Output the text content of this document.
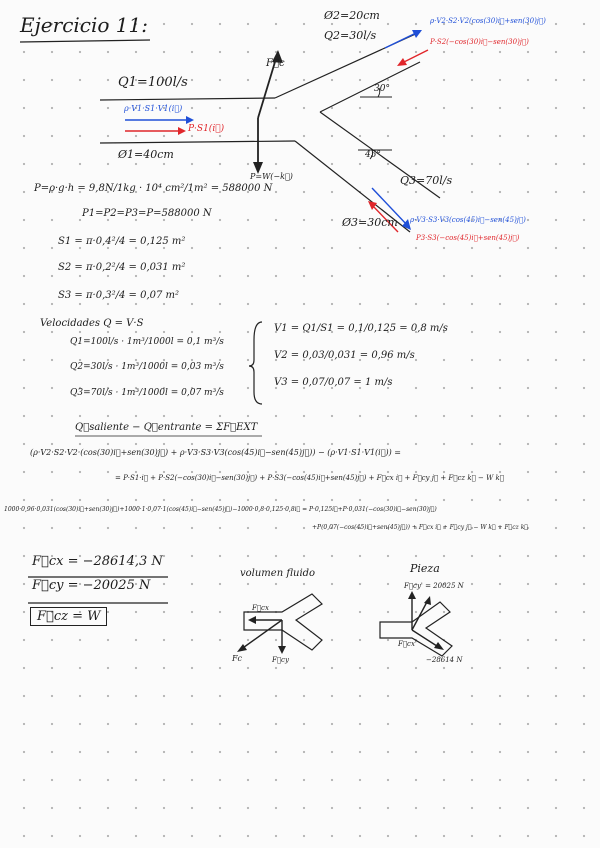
Ejercicio 11:	Ø2=20cm
Q2=30l/s
ρ·V2·S2·V2(cos(30)i⃗+sen(30)j⃗)
P·S2(−cos(30)i⃗−sen(30)j⃗)
F⃗c
Q1=100l/s
ρ·V1·S1·V1(i⃗)
P·S1(i⃗)
Ø1=40cm
30°
45°
P=W(−k⃗)	Q3=70l/s
Ø3=30cm ρ·V3·S3·V3(cos(45)i⃗−sen(45)j⃗)
P3·S3(−cos(45)i⃗+sen(45)j⃗)
P=ρ·g·h = 9,8N/1kg · 10⁴ cm²/1m² = 588000 N
P1=P2=P3=P=588000 N
S1 = π·0,4²/4 = 0,125 m²
S2 = π·0,2²/4 = 0,031 m²
S3 = π·0,3²/4 = 0,07 m²
Velocidades Q = V·S
Q1=100l/s · 1m³/1000l = 0,1 m³/s
Q2=30l/s · 1m³/1000l = 0,03 m³/s
Q3=70l/s · 1m³/1000l = 0,07 m³/s
V1 = Q1/S1 = 0,1/0,125 = 0,8 m/s
V2 = 0,03/0,031 = 0,96 m/s
V3 = 0,07/0,07 = 1 m/s
Q⃗saliente − Q⃗entrante = ΣF⃗EXT
(ρ·V2·S2·V2·(cos(30)i⃗+sen(30)j⃗) + ρ·V3·S3·V3(cos(45)i⃗−sen(45)j⃗)) − (ρ·V1·S1·V1(i⃗)) =
= P·S1·i⃗ + P·S2(−cos(30)i⃗−sen(30)j⃗) + P·S3(−cos(45)i⃗+sen(45)j⃗) + F⃗cx i⃗ + F⃗cy j⃗ + F⃗cz k⃗ − W k⃗
1000·0,96·0,031(cos(30)i⃗+sen(30)j⃗)+1000·1·0,07·1(cos(45)i⃗−sen(45)j⃗)−1000·0,8·0,125·0,8i⃗ = P·0,125i⃗+P·0,031(−cos(30)i⃗−sen(30)j⃗)
+P(0,07(−cos(45)i⃗+sen(45)j⃗)) + F⃗cx i⃗ + F⃗cy j⃗ − W k⃗ + F⃗cz k⃗
F⃗cx = −28614,3 N
F⃗cy = −20025 N
F⃗cz = W
volumen fluido
F⃗cx
Fc	F⃗cy
Pieza
F⃗cy' = 20025 N
F⃗cx'
−28614 N
